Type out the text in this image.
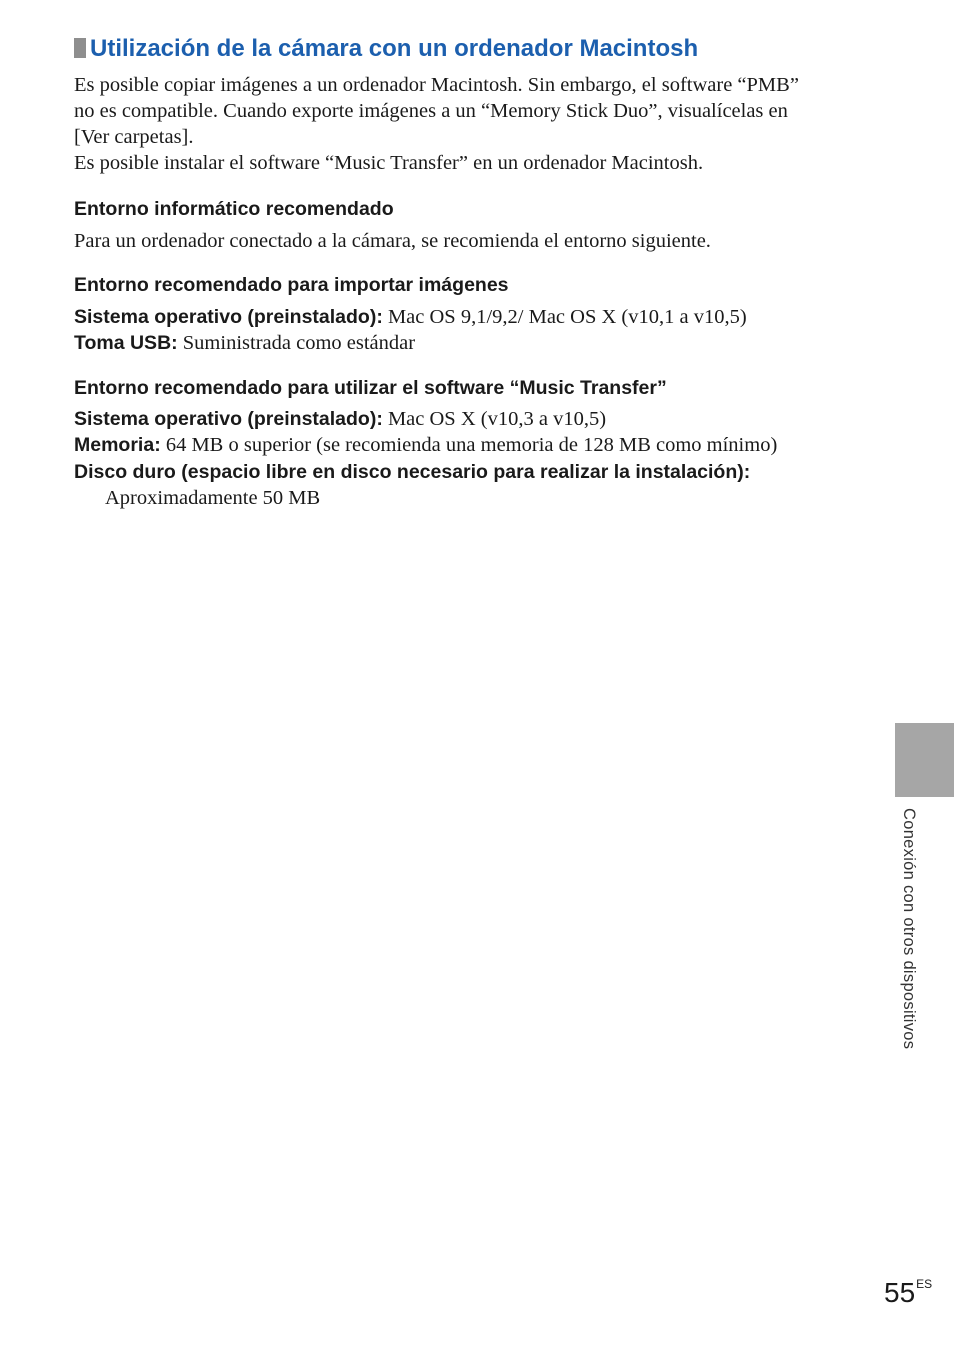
Utilización de la cámara con un ordenador Macintosh

Es posible copiar imágenes a un ordenador Macintosh. Sin embargo, el software “PMB”

no es compatible. Cuando exporte imágenes a un “Memory Stick Duo”, visualícelas en

[Ver carpetas].

Es posible instalar el software “Music Transfer” en un ordenador Macintosh.

Entorno informático recomendado

Para un ordenador conectado a la cámara, se recomienda el entorno siguiente.

Entorno recomendado para importar imágenes

Sistema operativo (preinstalado): Mac OS 9,1/9,2/ Mac OS X (v10,1 a v10,5)

Toma USB: Suministrada como estándar

Entorno recomendado para utilizar el software “Music Transfer”

Sistema operativo (preinstalado): Mac OS X (v10,3 a v10,5)

Memoria: 64 MB o superior (se recomienda una memoria de 128 MB como mínimo)

Disco duro (espacio libre en disco necesario para realizar la instalación):

Aproximadamente 50 MB

Conexión con otros dispositivos
$55^{ES}$
